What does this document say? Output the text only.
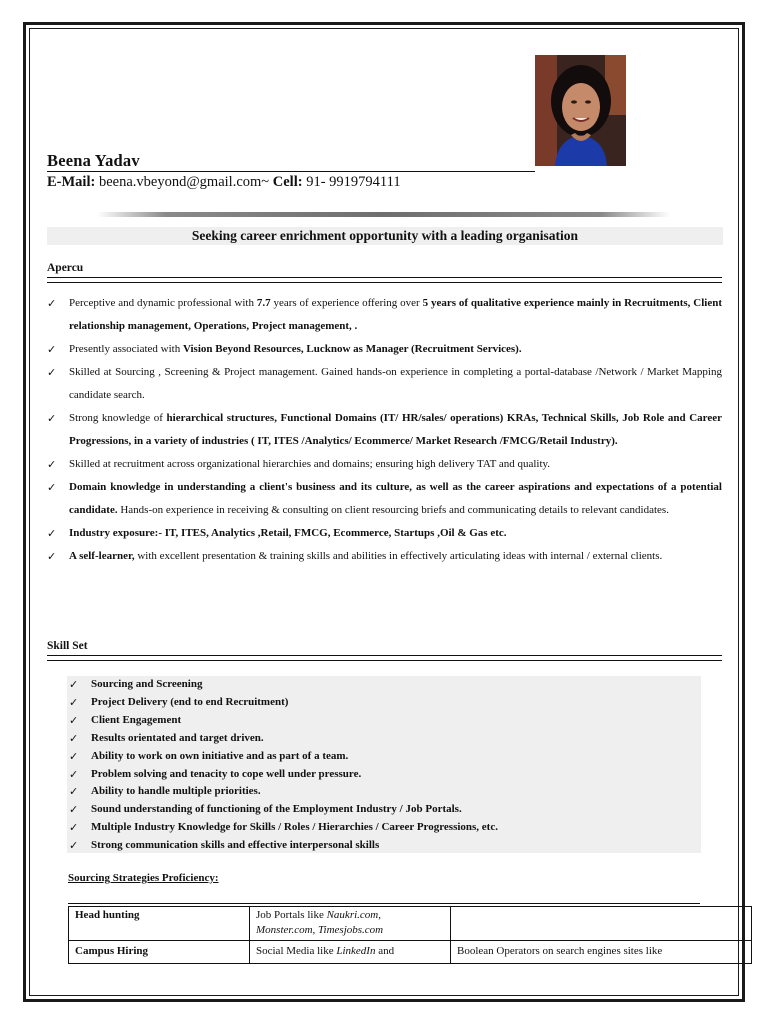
Beena Yadav
E-Mail: beena.vbeyond@gmail.com~ Cell: 91- 9919794111
Seeking career enrichment opportunity with a leading organisation
Apercu
✓ Perceptive and dynamic professional with 7.7 years of experience offering over 5 years of qualitative experience mainly in Recruitments, Client relationship management, Operations, Project management, .
✓ Presently associated with Vision Beyond Resources, Lucknow as Manager (Recruitment Services).
✓ Skilled at Sourcing , Screening & Project management. Gained hands-on experience in completing a portal-database /Network / Market Mapping candidate search.
✓ Strong knowledge of hierarchical structures, Functional Domains (IT/ HR/sales/ operations) KRAs, Technical Skills, Job Role and Career Progressions, in a variety of industries ( IT, ITES /Analytics/ Ecommerce/ Market Research /FMCG/Retail Industry).
✓ Skilled at recruitment across organizational hierarchies and domains; ensuring high delivery TAT and quality.
✓ Domain knowledge in understanding a client's business and its culture, as well as the career aspirations and expectations of a potential candidate. Hands-on experience in receiving & consulting on client resourcing briefs and communicating details to relevant candidates.
✓ Industry exposure:- IT, ITES, Analytics ,Retail, FMCG, Ecommerce, Startups ,Oil & Gas etc.
✓ A self-learner, with excellent presentation & training skills and abilities in effectively articulating ideas with internal / external clients.
Skill Set
✓ Sourcing and Screening
✓ Project Delivery (end to end Recruitment)
✓ Client Engagement
✓ Results orientated and target driven.
✓ Ability to work on own initiative and as part of a team.
✓ Problem solving and tenacity to cope well under pressure.
✓ Ability to handle multiple priorities.
✓ Sound understanding of functioning of the Employment Industry / Job Portals.
✓ Multiple Industry Knowledge for Skills / Roles / Hierarchies / Career Progressions, etc.
✓ Strong communication skills and effective interpersonal skills
Sourcing Strategies Proficiency:
Head hunting	Job Portals like Naukri.com,
Monster.com, Timesjobs.com	
Campus Hiring	Social Media like LinkedIn and	Boolean Operators on search engines sites like
